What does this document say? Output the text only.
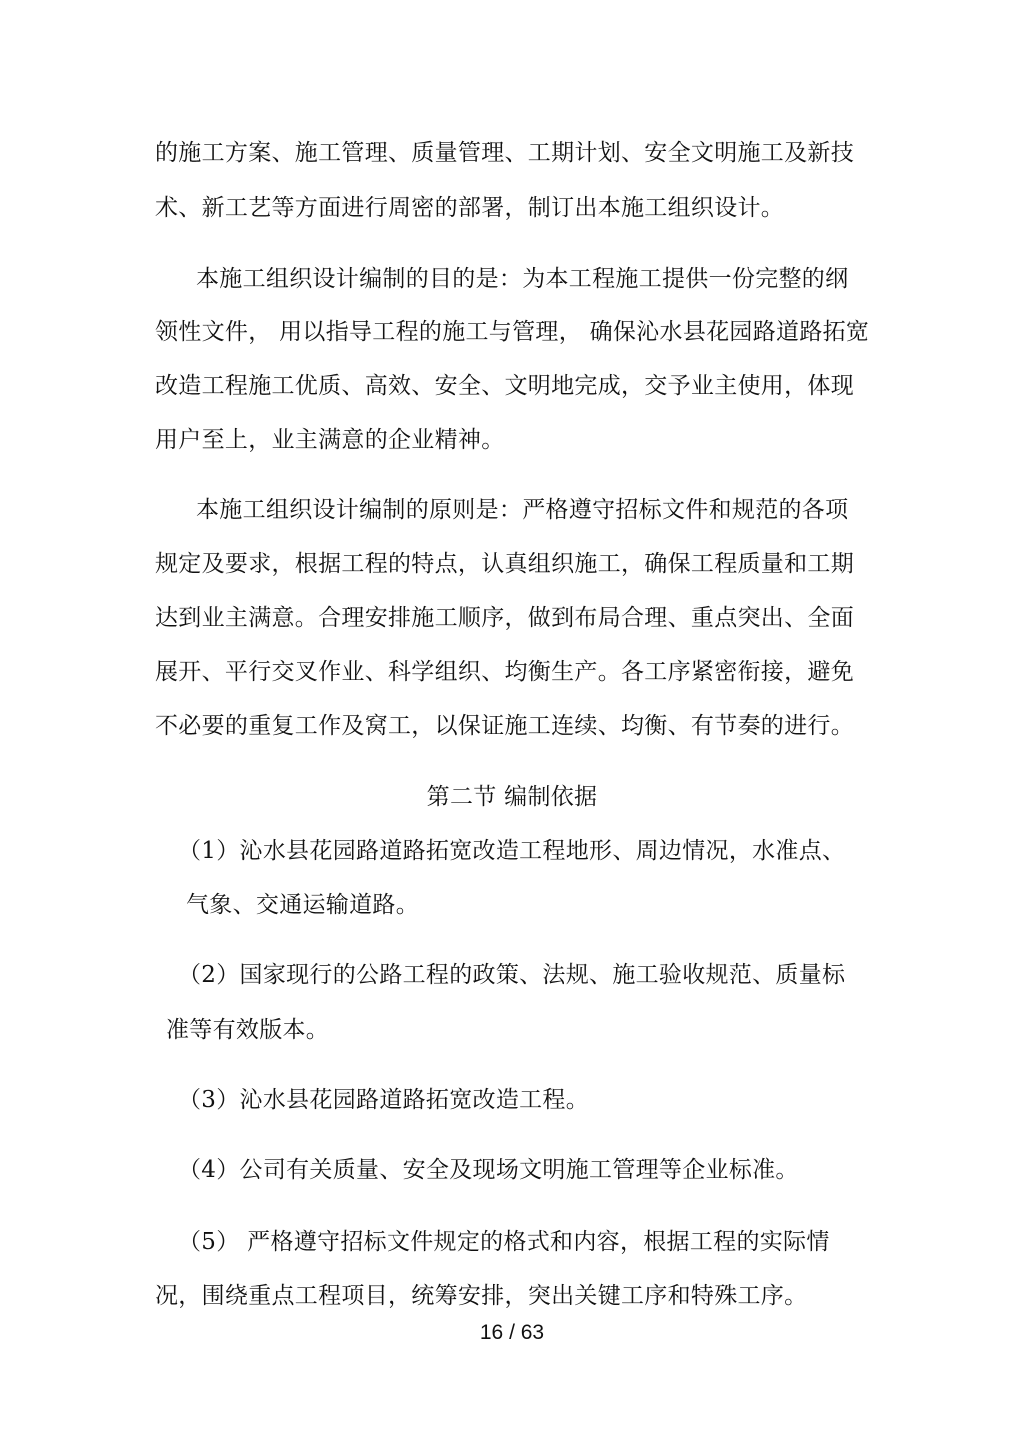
的施工方案、施工管理、质量管理、工期计划、安全文明施工及新技

术、新工艺等方面进行周密的部署，制订出本施工组织设计。

本施工组织设计编制的目的是：为本工程施工提供一份完整的纲

领性文件， 用以指导工程的施工与管理， 确保沁水县花园路道路拓宽

改造工程施工优质、高效、安全、文明地完成，交予业主使用，体现

用户至上，业主满意的企业精神。

本施工组织设计编制的原则是：严格遵守招标文件和规范的各项

规定及要求，根据工程的特点，认真组织施工，确保工程质量和工期

达到业主满意。合理安排施工顺序，做到布局合理、重点突出、全面

展开、平行交叉作业、科学组织、均衡生产。各工序紧密衔接，避免

不必要的重复工作及窝工，以保证施工连续、均衡、有节奏的进行。

第二节 编制依据

（1）沁水县花园路道路拓宽改造工程地形、周边情况，水准点、

气象、交通运输道路。

（2）国家现行的公路工程的政策、法规、施工验收规范、质量标

准等有效版本。

（3）沁水县花园路道路拓宽改造工程。

（4）公司有关质量、安全及现场文明施工管理等企业标准。

（5） 严格遵守招标文件规定的格式和内容，根据工程的实际情

况，围绕重点工程项目，统筹安排，突出关键工序和特殊工序。

16 / 63
